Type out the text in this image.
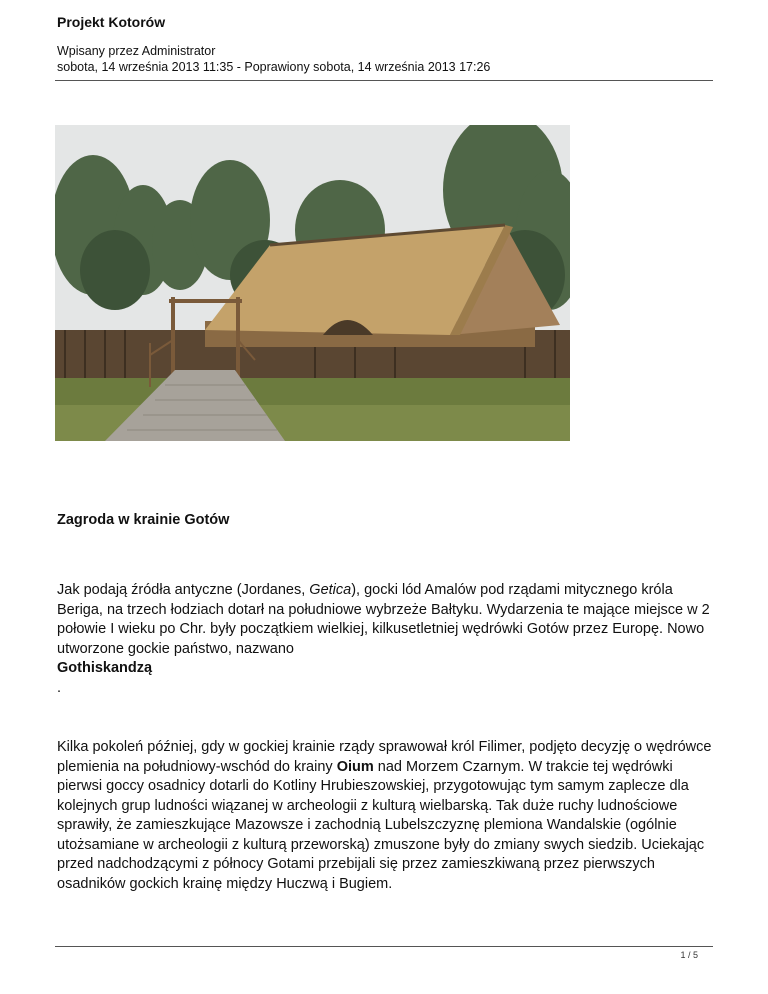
Projekt Kotorów
Wpisany przez Administrator
sobota, 14 września 2013 11:35 - Poprawiony sobota, 14 września 2013 17:26
Zagroda w krainie Gotów
Jak podają źródła antyczne (Jordanes, Getica), gocki lód Amalów pod rządami mitycznego króla Beriga, na trzech łodziach dotarł na południowe wybrzeże Bałtyku. Wydarzenia te mające miejsce w 2 połowie I wieku po Chr. były początkiem wielkiej, kilkusetletniej wędrówki Gotów przez Europę. Nowo utworzone gockie państwo, nazwano
Gothiskandzą
.
Kilka pokoleń później, gdy w gockiej krainie rządy sprawował król Filimer, podjęto decyzję o wędrówce plemienia na południowy-wschód do krainy Oium nad Morzem Czarnym. W trakcie tej wędrówki pierwsi goccy osadnicy dotarli do Kotliny Hrubieszowskiej, przygotowując tym samym zaplecze dla kolejnych grup ludności wiązanej w archeologii z kulturą wielbarską. Tak duże ruchy ludnościowe sprawiły, że zamieszkujące Mazowsze i zachodnią Lubelszczyznę plemiona Wandalskie (ogólnie utożsamiane w archeologii z kulturą przeworską) zmuszone były do zmiany swych siedzib. Uciekając przed nadchodzącymi z północy Gotami przebijali się przez zamieszkiwaną przez pierwszych osadników gockich krainę między Huczwą i Bugiem.
1 / 5
